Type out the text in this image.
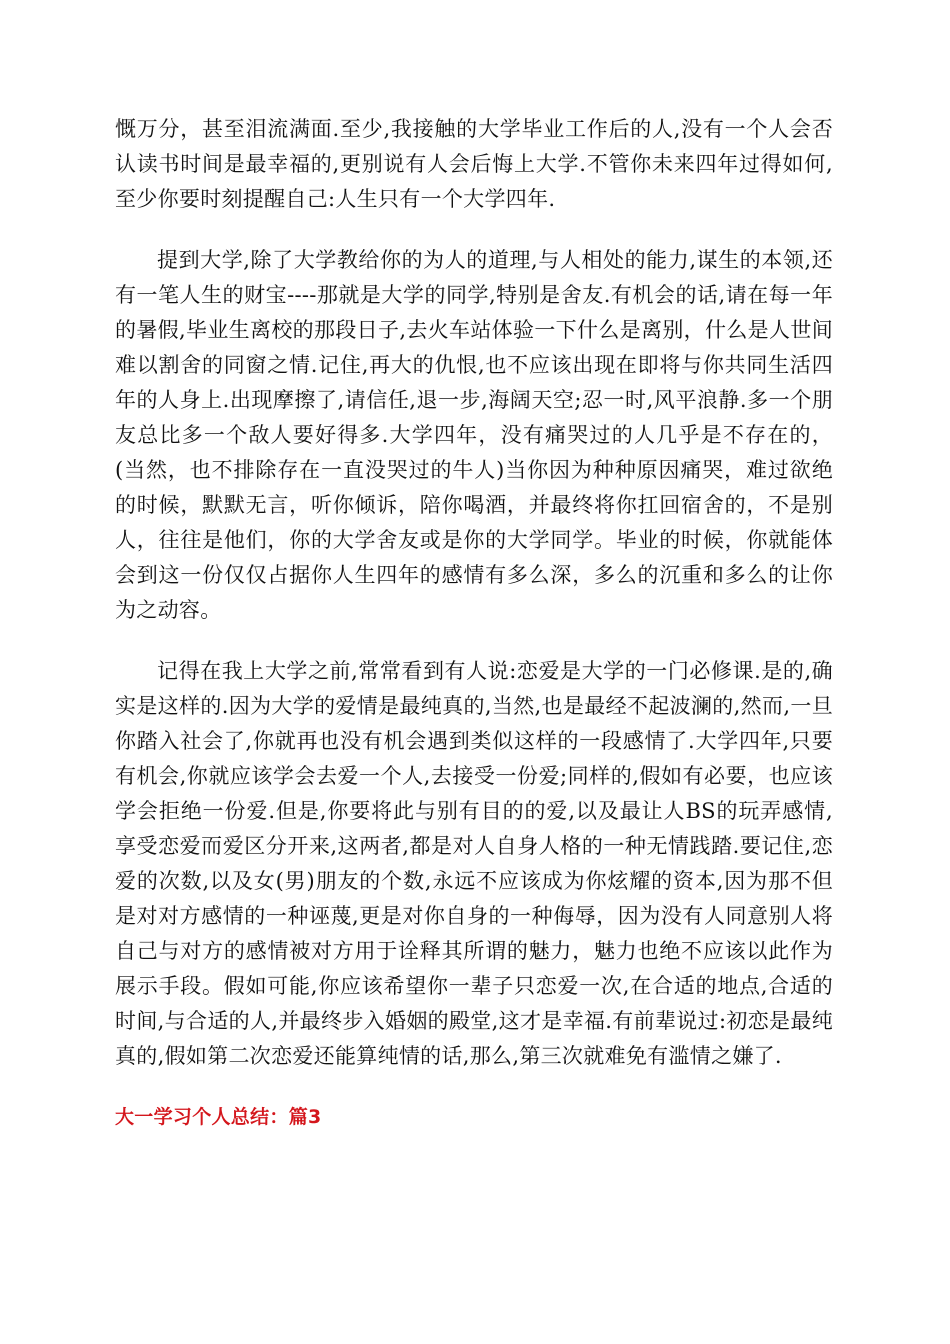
慨万分，甚至泪流满面.至少,我接触的大学毕业工作后的人,没有一个人会否认读书时间是最幸福的,更别说有人会后悔上大学.不管你未来四年过得如何,至少你要时刻提醒自己:人生只有一个大学四年.

提到大学,除了大学教给你的为人的道理,与人相处的能力,谋生的本领,还有一笔人生的财宝----那就是大学的同学,特别是舍友.有机会的话,请在每一年的暑假,毕业生离校的那段日子,去火车站体验一下什么是离别，什么是人世间难以割舍的同窗之情.记住,再大的仇恨,也不应该出现在即将与你共同生活四年的人身上.出现摩擦了,请信任,退一步,海阔天空;忍一时,风平浪静.多一个朋友总比多一个敌人要好得多.大学四年，没有痛哭过的人几乎是不存在的，(当然，也不排除存在一直没哭过的牛人)当你因为种种原因痛哭，难过欲绝的时候，默默无言，听你倾诉，陪你喝酒，并最终将你扛回宿舍的，不是别人，往往是他们，你的大学舍友或是你的大学同学。毕业的时候，你就能体会到这一份仅仅占据你人生四年的感情有多么深，多么的沉重和多么的让你为之动容。

记得在我上大学之前,常常看到有人说:恋爱是大学的一门必修课.是的,确实是这样的.因为大学的爱情是最纯真的,当然,也是最经不起波澜的,然而,一旦你踏入社会了,你就再也没有机会遇到类似这样的一段感情了.大学四年,只要有机会,你就应该学会去爱一个人,去接受一份爱;同样的,假如有必要，也应该学会拒绝一份爱.但是,你要将此与别有目的的爱,以及最让人BS的玩弄感情,享受恋爱而爱区分开来,这两者,都是对人自身人格的一种无情践踏.要记住,恋爱的次数,以及女(男)朋友的个数,永远不应该成为你炫耀的资本,因为那不但是对对方感情的一种诬蔑,更是对你自身的一种侮辱，因为没有人同意别人将自己与对方的感情被对方用于诠释其所谓的魅力，魅力也绝不应该以此作为展示手段。假如可能,你应该希望你一辈子只恋爱一次,在合适的地点,合适的时间,与合适的人,并最终步入婚姻的殿堂,这才是幸福.有前辈说过:初恋是最纯真的,假如第二次恋爱还能算纯情的话,那么,第三次就难免有滥情之嫌了.

大一学习个人总结：篇3
